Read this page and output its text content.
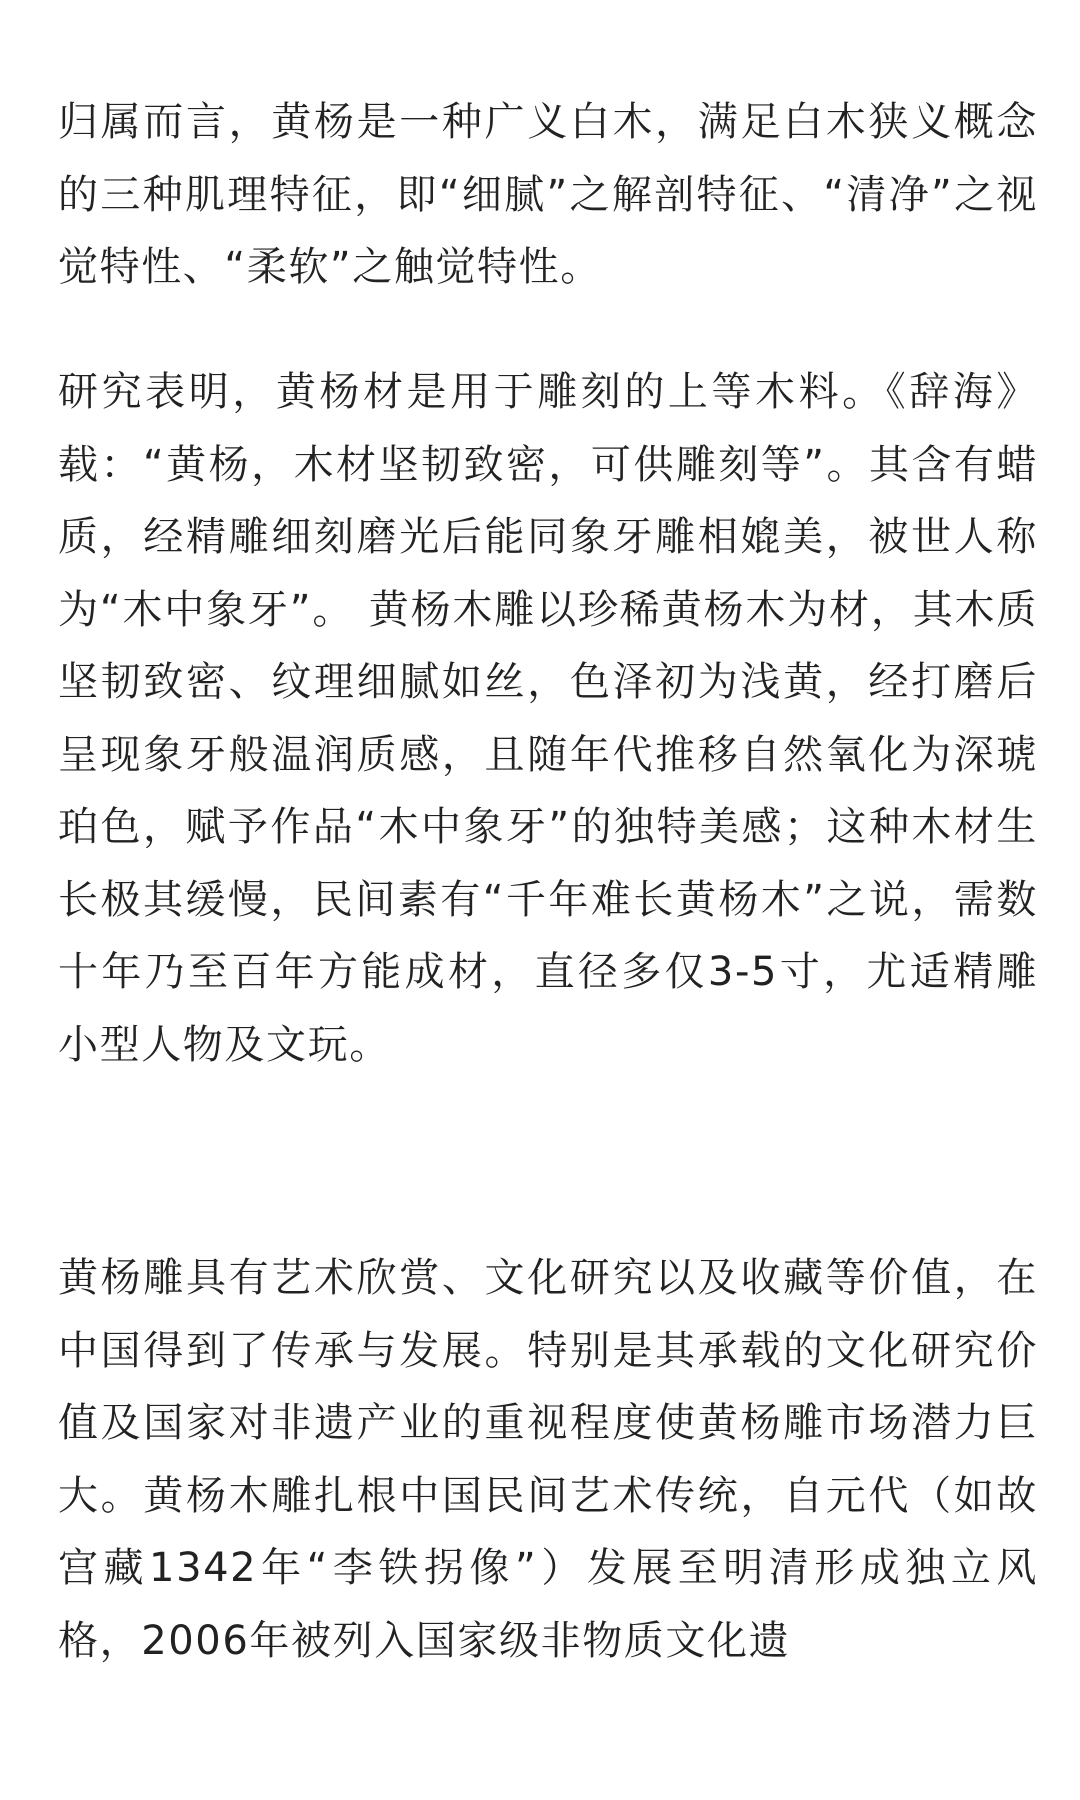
归属而言，黄杨是一种广义白木，满足白木狭义概念的三种肌理特征，即“细腻”之解剖特征、“清净”之视觉特性、“柔软”之触觉特性。

研究表明，黄杨材是用于雕刻的上等木料。《辞海》载：“黄杨，木材坚韧致密，可供雕刻等”。其含有蜡质，经精雕细刻磨光后能同象牙雕相媲美，被世人称为“木中象牙”。 黄杨木雕以珍稀黄杨木为材，其木质坚韧致密、纹理细腻如丝，色泽初为浅黄，经打磨后呈现象牙般温润质感，且随年代推移自然氧化为深琥珀色，赋予作品“木中象牙”的独特美感；这种木材生长极其缓慢，民间素有“千年难长黄杨木”之说，需数十年乃至百年方能成材，直径多仅3-5寸，尤适精雕小型人物及文玩。

黄杨雕具有艺术欣赏、文化研究以及收藏等价值，在中国得到了传承与发展。特别是其承载的文化研究价值及国家对非遗产业的重视程度使黄杨雕市场潜力巨大。黄杨木雕扎根中国民间艺术传统，自元代（如故宫藏1342年“李铁拐像”）发展至明清形成独立风格，2006年被列入国家级非物质文化遗
